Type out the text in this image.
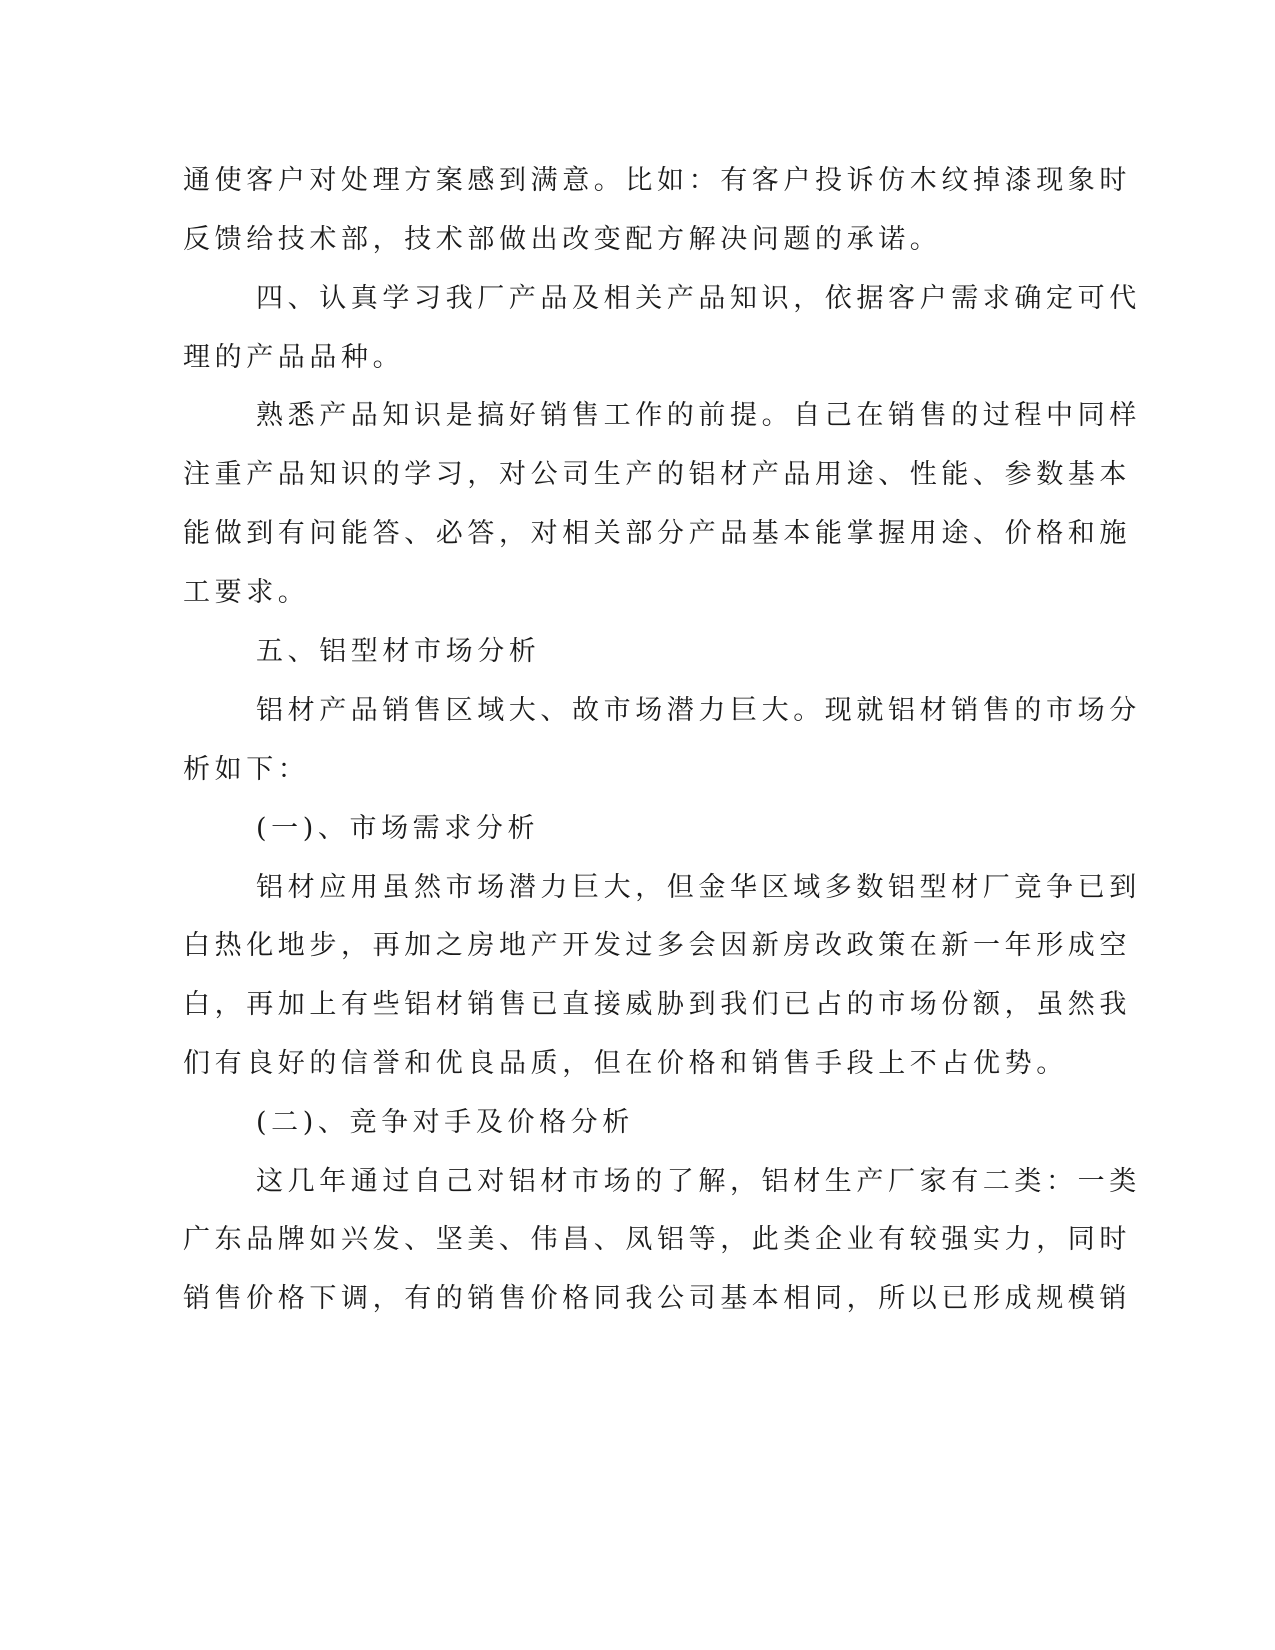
通使客户对处理方案感到满意。比如：有客户投诉仿木纹掉漆现象时
反馈给技术部，技术部做出改变配方解决问题的承诺。
四、认真学习我厂产品及相关产品知识，依据客户需求确定可代
理的产品品种。
熟悉产品知识是搞好销售工作的前提。自己在销售的过程中同样
注重产品知识的学习，对公司生产的铝材产品用途、性能、参数基本
能做到有问能答、必答，对相关部分产品基本能掌握用途、价格和施
工要求。
五、铝型材市场分析
铝材产品销售区域大、故市场潜力巨大。现就铝材销售的市场分
析如下：
(一)、市场需求分析
铝材应用虽然市场潜力巨大，但金华区域多数铝型材厂竞争已到
白热化地步，再加之房地产开发过多会因新房改政策在新一年形成空
白，再加上有些铝材销售已直接威胁到我们已占的市场份额，虽然我
们有良好的信誉和优良品质，但在价格和销售手段上不占优势。
(二)、竞争对手及价格分析
这几年通过自己对铝材市场的了解，铝材生产厂家有二类：一类
广东品牌如兴发、坚美、伟昌、凤铝等，此类企业有较强实力，同时
销售价格下调，有的销售价格同我公司基本相同，所以已形成规模销
